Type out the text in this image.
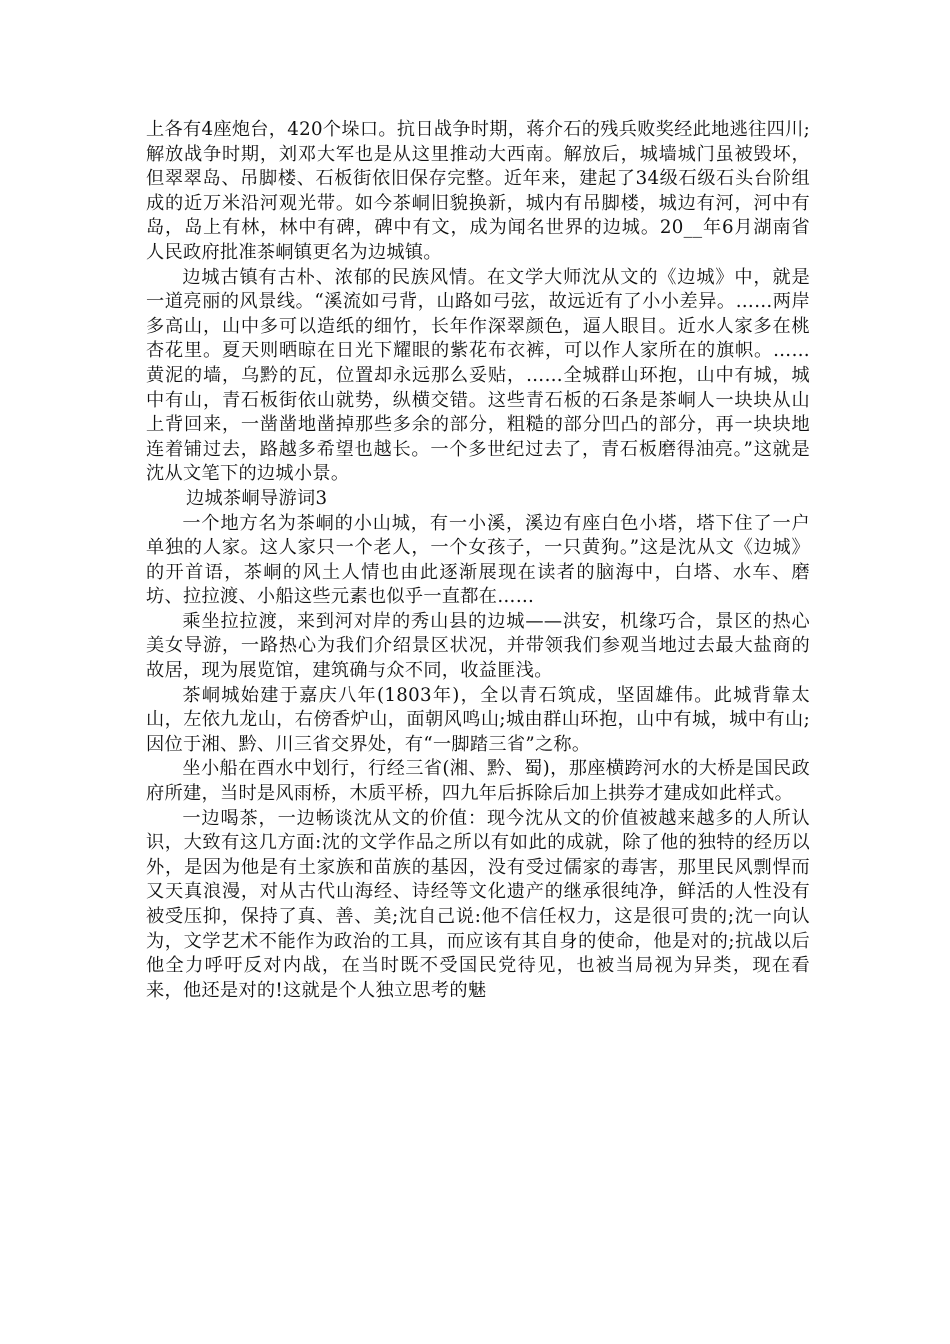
上各有4座炮台，420个垛口。抗日战争时期，蒋介石的残兵败奖经此地逃往四川;解放战争时期，刘邓大军也是从这里推动大西南。解放后，城墙城门虽被毁坏，但翠翠岛、吊脚楼、石板街依旧保存完整。近年来，建起了34级石级石头台阶组成的近万米沿河观光带。如今茶峒旧貌换新，城内有吊脚楼，城边有河，河中有岛，岛上有林，林中有碑，碑中有文，成为闻名世界的边城。20__年6月湖南省人民政府批准茶峒镇更名为边城镇。

边城古镇有古朴、浓郁的民族风情。在文学大师沈从文的《边城》中，就是一道亮丽的风景线。“溪流如弓背，山路如弓弦，故远近有了小小差异。……两岸多高山，山中多可以造纸的细竹，长年作深翠颜色，逼人眼目。近水人家多在桃杏花里。夏天则晒晾在日光下耀眼的紫花布衣裤，可以作人家所在的旗帜。……黄泥的墙，乌黔的瓦，位置却永远那么妥贴，……全城群山环抱，山中有城，城中有山，青石板街依山就势，纵横交错。这些青石板的石条是茶峒人一块块从山上背回来，一凿凿地凿掉那些多余的部分，粗糙的部分凹凸的部分，再一块块地连着铺过去，路越多希望也越长。一个多世纪过去了，青石板磨得油亮。”这就是沈从文笔下的边城小景。

边城茶峒导游词3

一个地方名为茶峒的小山城，有一小溪，溪边有座白色小塔，塔下住了一户单独的人家。这人家只一个老人，一个女孩子，一只黄狗。”这是沈从文《边城》的开首语，茶峒的风土人情也由此逐渐展现在读者的脑海中，白塔、水车、磨坊、拉拉渡、小船这些元素也似乎一直都在……

乘坐拉拉渡，来到河对岸的秀山县的边城——洪安，机缘巧合，景区的热心美女导游，一路热心为我们介绍景区状况，并带领我们参观当地过去最大盐商的故居，现为展览馆，建筑确与众不同，收益匪浅。

茶峒城始建于嘉庆八年(1803年)，全以青石筑成，坚固雄伟。此城背靠太山，左依九龙山，右傍香炉山，面朝风鸣山;城由群山环抱，山中有城，城中有山;因位于湘、黔、川三省交界处，有“一脚踏三省”之称。

坐小船在酉水中划行，行经三省(湘、黔、蜀)，那座横跨河水的大桥是国民政府所建，当时是风雨桥，木质平桥，四九年后拆除后加上拱券才建成如此样式。

一边喝茶，一边畅谈沈从文的价值：现今沈从文的价值被越来越多的人所认识，大致有这几方面:沈的文学作品之所以有如此的成就，除了他的独特的经历以外，是因为他是有土家族和苗族的基因，没有受过儒家的毒害，那里民风剽悍而又天真浪漫，对从古代山海经、诗经等文化遗产的继承很纯净，鲜活的人性没有被受压抑，保持了真、善、美;沈自己说:他不信任权力，这是很可贵的;沈一向认为，文学艺术不能作为政治的工具，而应该有其自身的使命，他是对的;抗战以后他全力呼吁反对内战，在当时既不受国民党待见，也被当局视为异类，现在看来，他还是对的!这就是个人独立思考的魅
